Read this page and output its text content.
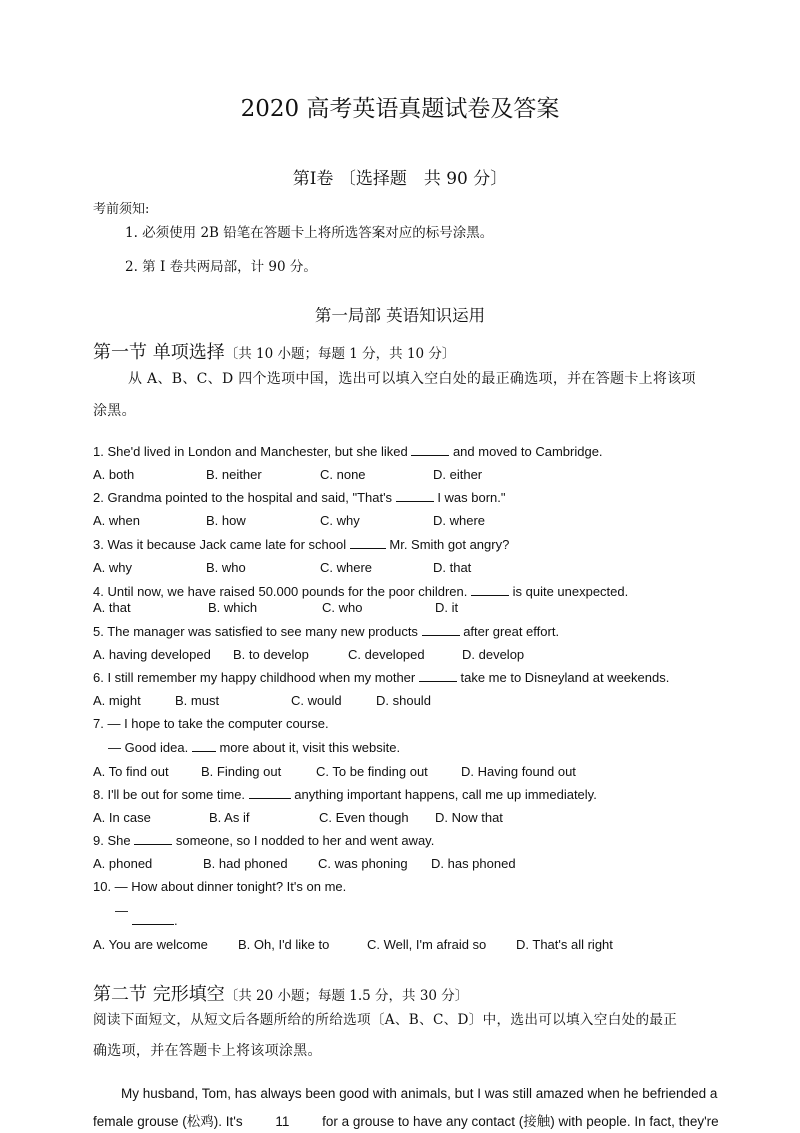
2020 高考英语真题试卷及答案
第Ⅰ卷 〔选择题　共 90 分〕
考前须知:
1. 必须使用 2B 铅笔在答题卡上将所选答案对应的标号涂黑。
2. 第 I 卷共两局部，计 90 分。
第一局部 英语知识运用
第一节 单项选择〔共 10 小题；每题 1 分，共 10 分〕
从 A、B、C、D 四个选项中国，选出可以填入空白处的最正确选项，并在答题卡上将该项
涂黑。
1. She'd lived in London and Manchester, but she liked	and moved to Cambridge.
A. both	B. neither	C. none	D. either
2. Grandma pointed to the hospital and said, "That's	I was born."
A. when	B. how	C. why	D. where
3. Was it because Jack came late for school	Mr. Smith got angry?
A. why	B. who	C. where	D. that
4. Until now, we have raised 50.000 pounds for the poor children.	is quite unexpected.
A. that	B. which	C. who	D. it
5. The manager was satisfied to see many new products	after great effort.
A. having developed B. to develop	C. developed	D. develop
6. I still remember my happy childhood when my mother	take me to Disneyland at weekends.
A. might	B. must	C. would	D. should
7. — I hope to take the computer course.
— Good idea. more about it, visit this website.
A. To find out B. Finding out	C. To be finding out	D. Having found out
8. I'll be out for some time.	anything important happens, call me up immediately.
A. In case	B. As if	C. Even though D. Now that
9. She	someone, so I nodded to her and went away.
A. phoned	B. had phoned C. was phoning D. has phoned
10. — How about dinner tonight? It's on me.
—
.
A. You are welcome B. Oh, I'd like to	C. Well, I'm afraid so D. That's all right
第二节 完形填空〔共 20 小题；每题 1.5 分，共 30 分〕
阅读下面短文，从短文后各题所给的所给选项〔A、B、C、D〕中，选出可以填入空白处的最正
确选项，并在答题卡上将该项涂黑。
My husband, Tom, has always been good with animals, but I was still amazed when he befriended a
female grouse (松鸡). It's 11 for a grouse to have any contact (接触) with people. In fact, they're
